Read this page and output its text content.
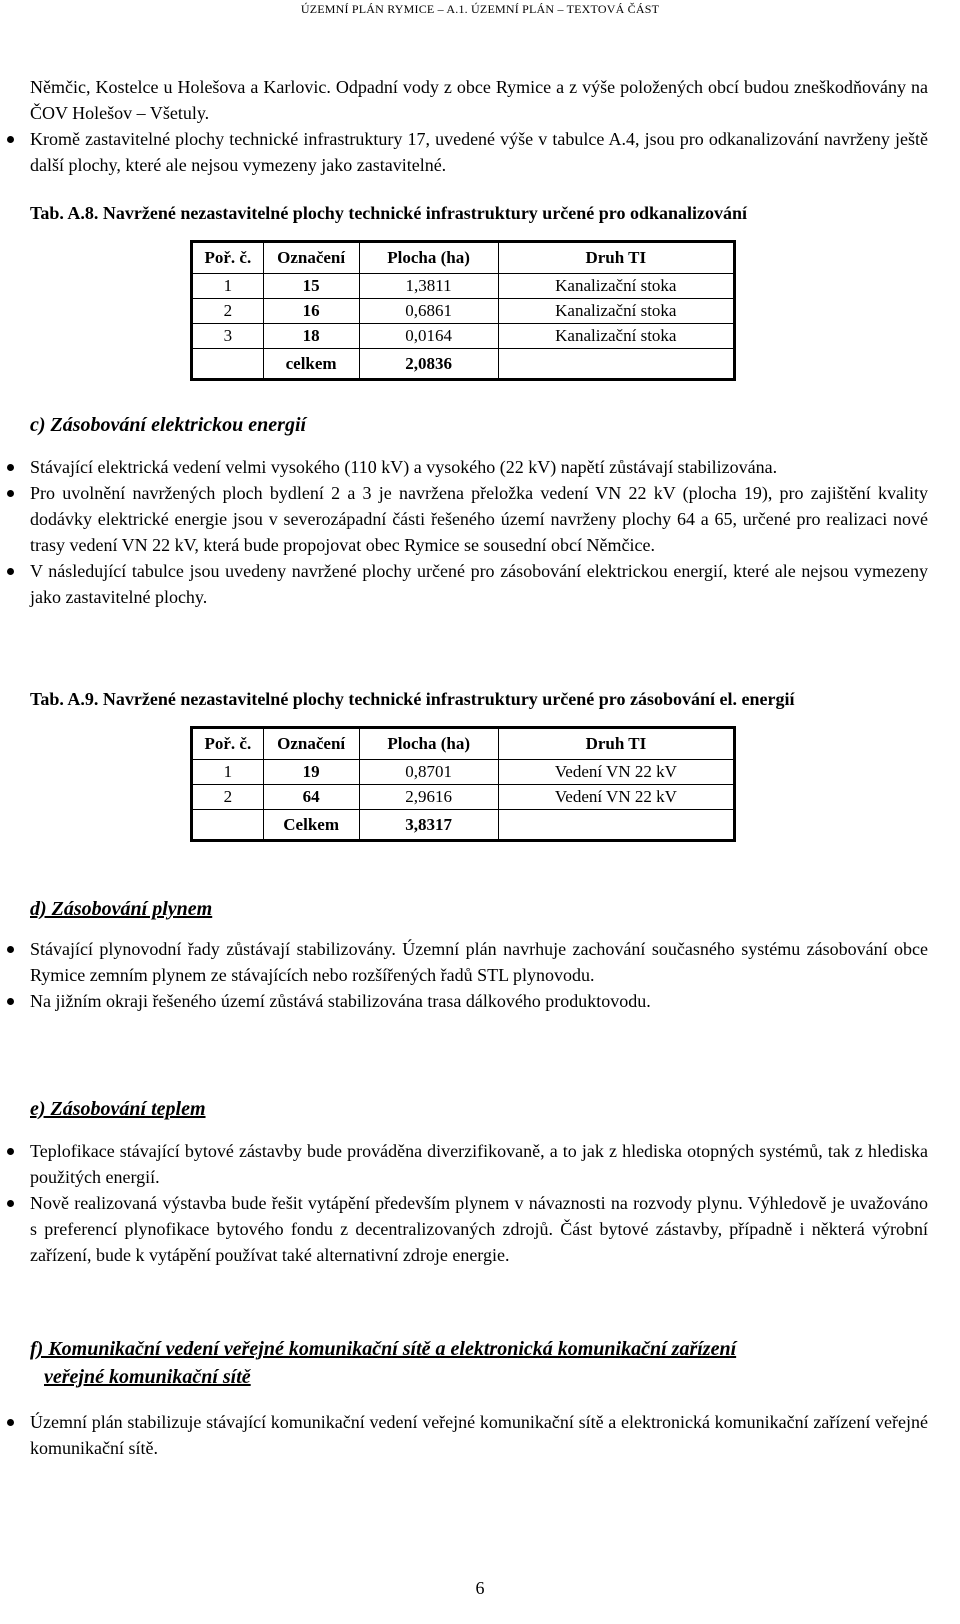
ÚZEMNÍ PLÁN RYMICE – A.1. ÚZEMNÍ PLÁN – TEXTOVÁ ČÁST
Němčic, Kostelce u Holešova a Karlovic. Odpadní vody z obce Rymice a z výše položených obcí budou zneškodňovány na ČOV Holešov – Všetuly.
Kromě zastavitelné plochy technické infrastruktury 17, uvedené výše v tabulce A.4, jsou pro odkanalizování navrženy ještě další plochy, které ale nejsou vymezeny jako zastavitelné.
Tab. A.8. Navržené nezastavitelné plochy technické infrastruktury určené pro odkanalizování
Poř. č.	Označení	Plocha (ha)	Druh TI
1	15	1,3811	Kanalizační stoka
2	16	0,6861	Kanalizační stoka
3	18	0,0164	Kanalizační stoka
	celkem	2,0836	
c) Zásobování elektrickou energií
Stávající elektrická vedení velmi vysokého (110 kV) a vysokého (22 kV) napětí zůstávají stabilizována.
Pro uvolnění navržených ploch bydlení 2 a 3 je navržena přeložka vedení VN 22 kV (plocha 19), pro zajištění kvality dodávky elektrické energie jsou v severozápadní části řešeného území navrženy plochy 64 a 65, určené pro realizaci nové trasy vedení VN 22 kV, která bude propojovat obec Rymice se sousední obcí Němčice.
V následující tabulce jsou uvedeny navržené plochy určené pro zásobování elektrickou energií, které ale nejsou vymezeny jako zastavitelné plochy.
Tab. A.9. Navržené nezastavitelné plochy technické infrastruktury určené pro zásobování el. energií
Poř. č.	Označení	Plocha (ha)	Druh TI
1	19	0,8701	Vedení VN 22 kV
2	64	2,9616	Vedení VN 22 kV
	Celkem	3,8317	
d) Zásobování plynem
Stávající plynovodní řady zůstávají stabilizovány. Územní plán navrhuje zachování současného systému zásobování obce Rymice zemním plynem ze stávajících nebo rozšířených řadů STL plynovodu.
Na jižním okraji řešeného území zůstává stabilizována trasa dálkového produktovodu.
e) Zásobování teplem
Teplofikace stávající bytové zástavby bude prováděna diverzifikovaně, a to jak z hlediska otopných systémů, tak z hlediska použitých energií.
Nově realizovaná výstavba bude řešit vytápění především plynem v návaznosti na rozvody plynu. Výhledově je uvažováno s preferencí plynofikace bytového fondu z decentralizovaných zdrojů. Část bytové zástavby, případně i některá výrobní zařízení, bude k vytápění používat také alternativní zdroje energie.
f) Komunikační vedení veřejné komunikační sítě a elektronická komunikační zařízení
veřejné komunikační sítě
Územní plán stabilizuje stávající komunikační vedení veřejné komunikační sítě a elektronická komunikační zařízení veřejné komunikační sítě.
6
